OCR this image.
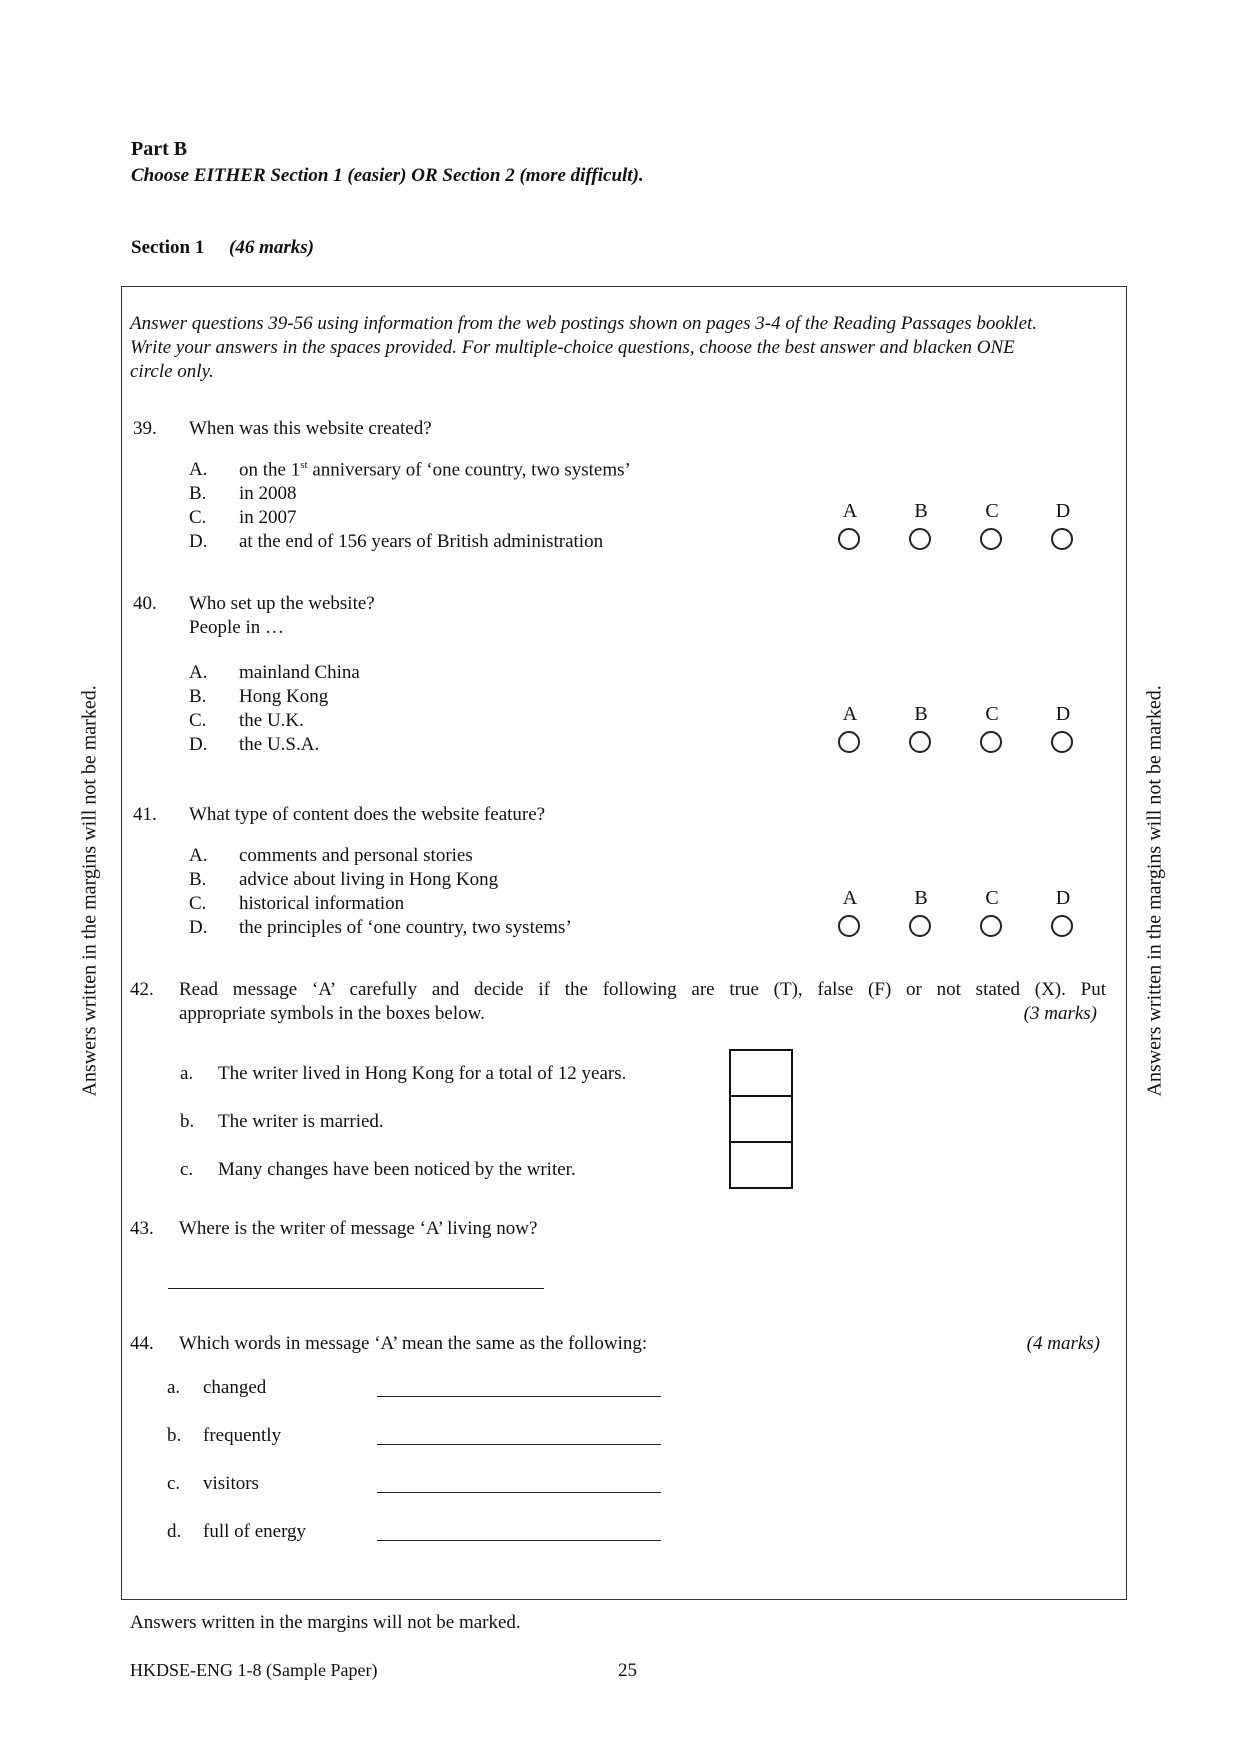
Answers written in the margins will not be marked.	Answers written in the margins will not be marked.
Part B
Choose EITHER Section 1 (easier) OR Section 2 (more difficult).
Section 1 (46 marks)
Answer questions 39-56 using information from the web postings shown on pages 3-4 of the Reading Passages booklet.
Write your answers in the spaces provided. For multiple-choice questions, choose the best answer and blacken ONE
circle only.
39. When was this website created?
A. on the 1st anniversary of ‘one country, two systems’
B. in 2008
C. in 2007
D. at the end of 156 years of British administration
A	B	C	D
40. Who set up the website?
People in …
A. mainland China
B. Hong Kong
C. the U.K.
D. the U.S.A.
A	B	C	D
41. What type of content does the website feature?
A. comments and personal stories
B. advice about living in Hong Kong
C. historical information
D. the principles of ‘one country, two systems’
A	B	C	D
42. Read message ‘A’ carefully and decide if the following are true (T), false (F) or not stated (X). Put
appropriate symbols in the boxes below.	(3 marks)
a. The writer lived in Hong Kong for a total of 12 years.
b. The writer is married.
c. Many changes have been noticed by the writer.
43. Where is the writer of message ‘A’ living now?
44. Which words in message ‘A’ mean the same as the following:	(4 marks)
a. changed
b. frequently
c. visitors
d. full of energy
Answers written in the margins will not be marked.
HKDSE-ENG 1-8 (Sample Paper)	25
